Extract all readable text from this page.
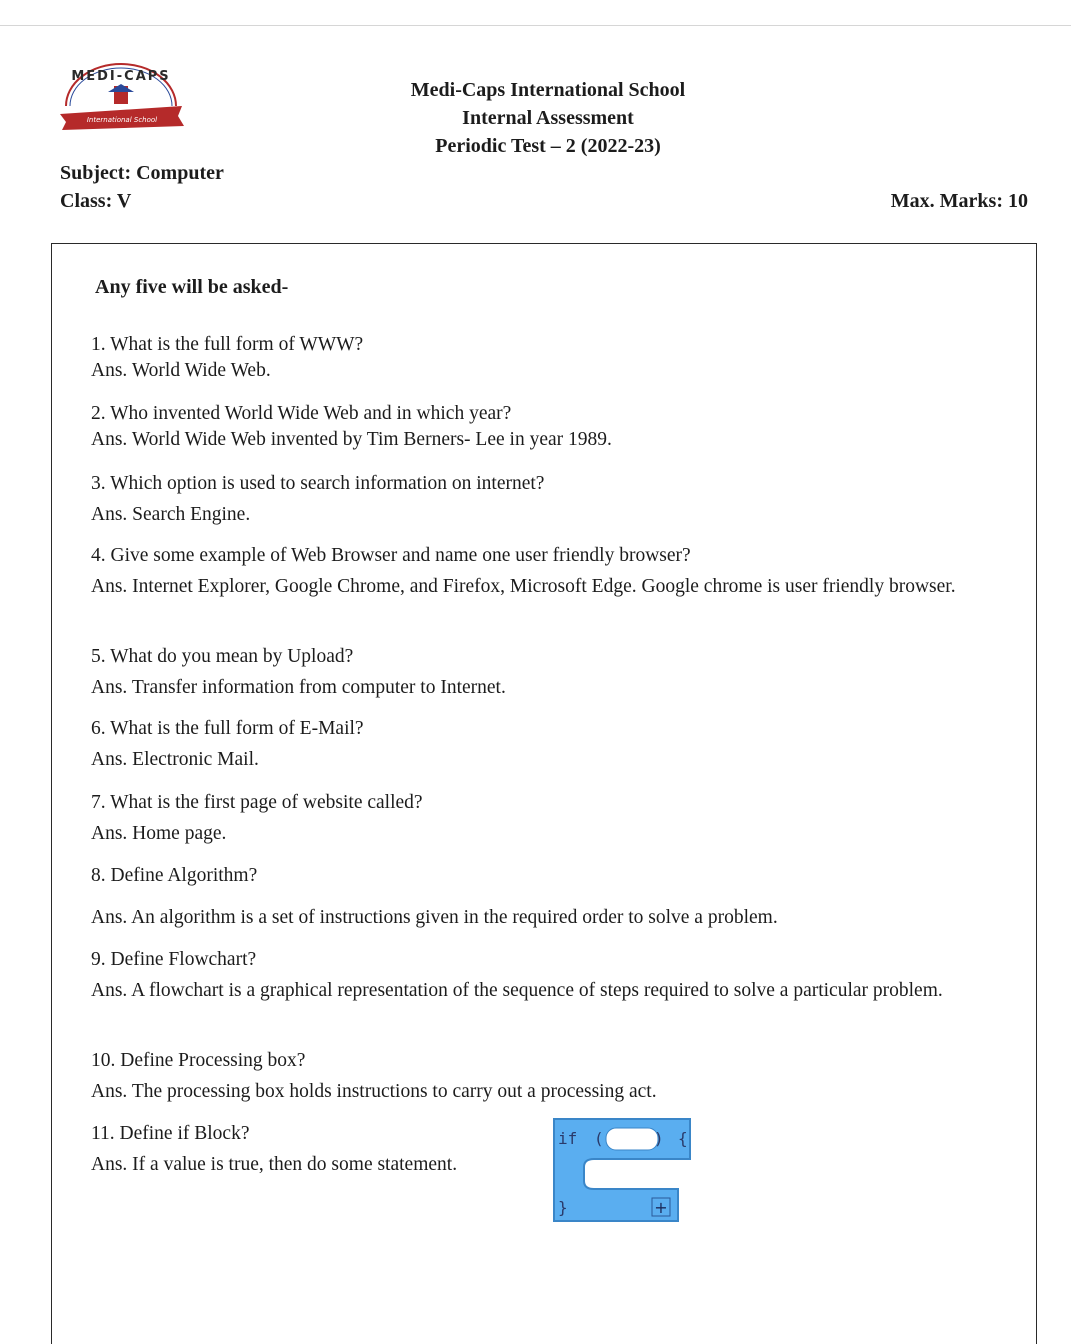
MEDI-CAPS
International School
Medi-Caps International School
Internal Assessment
Periodic Test – 2 (2022-23)
Subject: Computer
Class: V	Max. Marks: 10
Any five will be asked-
1. What is the full form of WWW?
Ans. World Wide Web.
2. Who invented World Wide Web and in which year?
Ans. World Wide Web invented by Tim Berners- Lee in year 1989.
3. Which option is used to search information on internet?
Ans. Search Engine.
4. Give some example of Web Browser and name one user friendly browser?
Ans. Internet Explorer, Google Chrome, and Firefox, Microsoft Edge. Google chrome is user friendly browser.
5. What do you mean by Upload?
Ans. Transfer information from computer to Internet.
6. What is the full form of E-Mail?
Ans. Electronic Mail.
7. What is the first page of website called?
Ans. Home page.
8. Define Algorithm?
Ans. An algorithm is a set of instructions given in the required order to solve a problem.
9. Define Flowchart?
Ans. A flowchart is a graphical representation of the sequence of steps required to solve a particular problem.
10. Define Processing box?
Ans. The processing box holds instructions to carry out a processing act.
11. Define if Block?
Ans. If a value is true, then do some statement.
if (	) {
}	+
